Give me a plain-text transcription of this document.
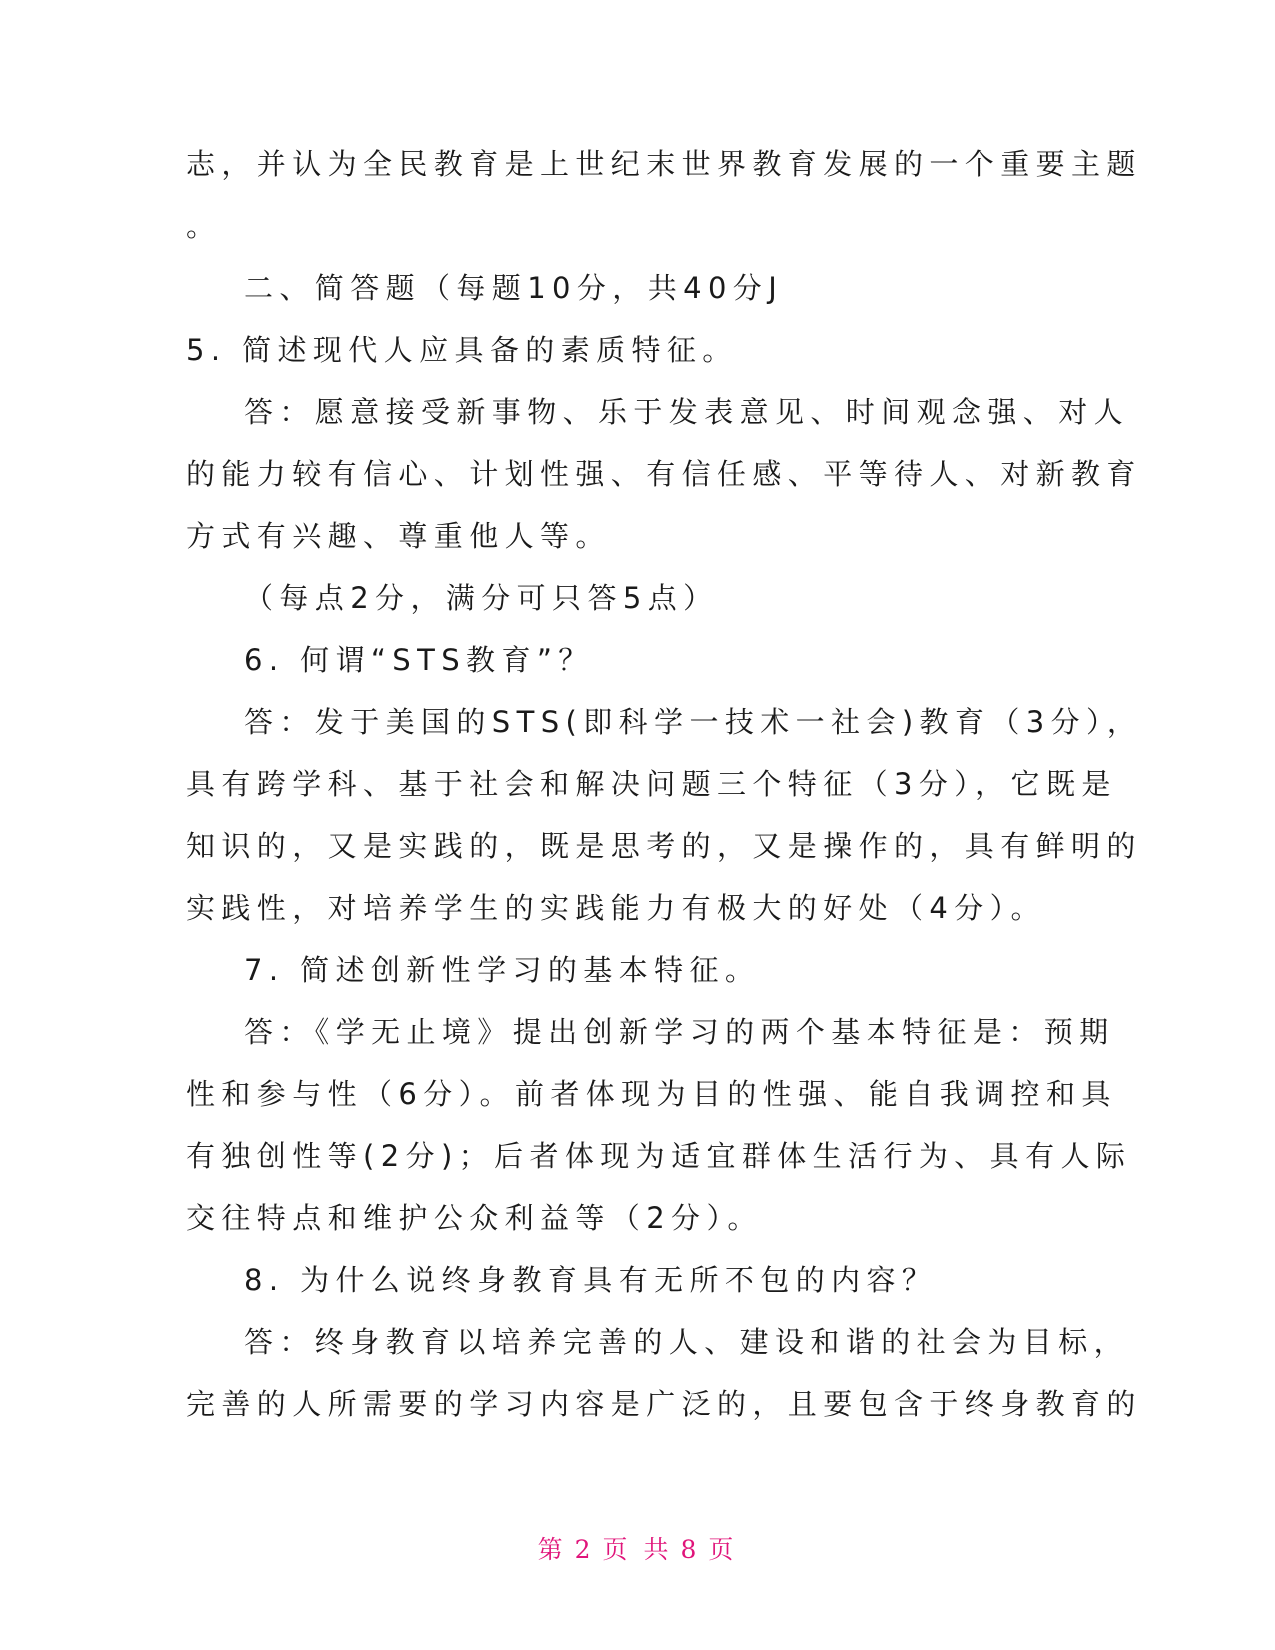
志，并认为全民教育是上世纪末世界教育发展的一个重要主题
。
二、简答题（每题10分，共40分J
5. 简述现代人应具备的素质特征。
答：愿意接受新事物、乐于发表意见、时间观念强、对人
的能力较有信心、计划性强、有信任感、平等待人、对新教育
方式有兴趣、尊重他人等。
（每点2分，满分可只答5点）
6. 何谓“STS教育”？
答：发于美国的STS(即科学一技术一社会)教育（3分），
具有跨学科、基于社会和解决问题三个特征（3分），它既是
知识的，又是实践的，既是思考的，又是操作的，具有鲜明的
实践性，对培养学生的实践能力有极大的好处（4分）。
7. 简述创新性学习的基本特征。
答：《学无止境》提出创新学习的两个基本特征是：预期
性和参与性（6分）。前者体现为目的性强、能自我调控和具
有独创性等(2分)；后者体现为适宜群体生活行为、具有人际
交往特点和维护公众利益等（2分）。
8. 为什么说终身教育具有无所不包的内容？
答：终身教育以培养完善的人、建设和谐的社会为目标，
完善的人所需要的学习内容是广泛的，且要包含于终身教育的
第 2 页 共 8 页
